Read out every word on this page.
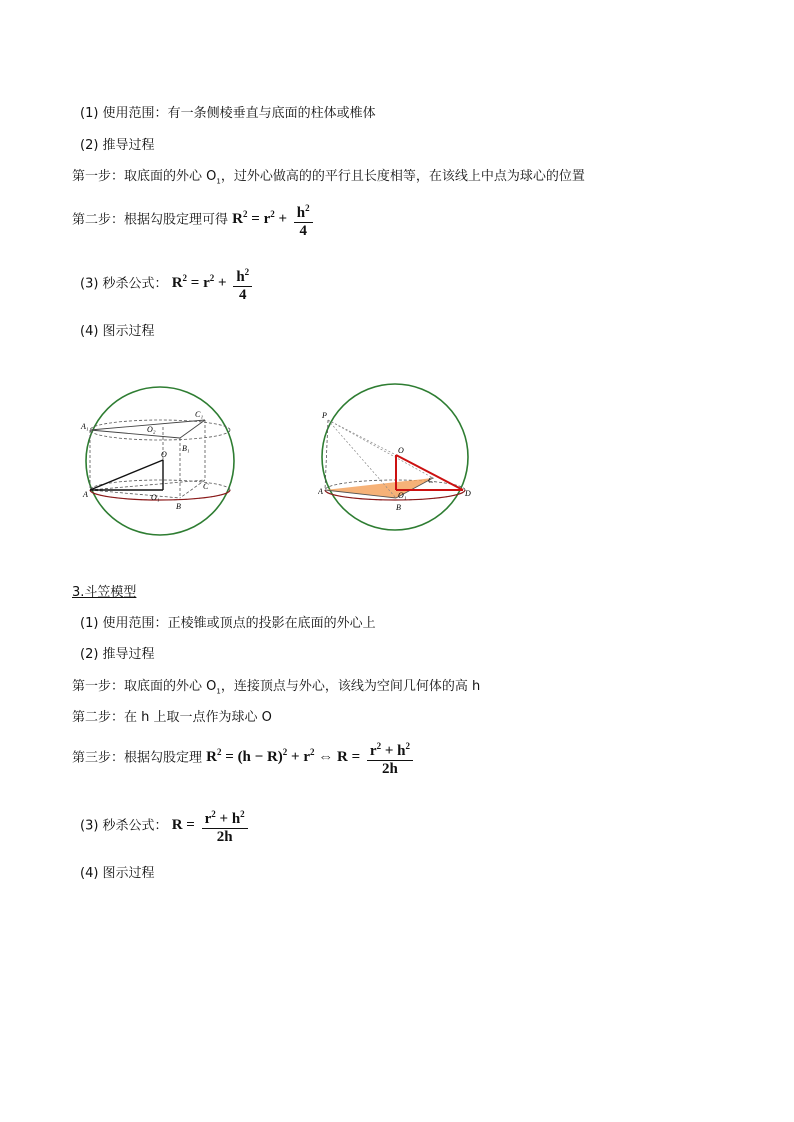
(1) 使用范围：有一条侧棱垂直与底面的柱体或椎体
(2) 推导过程
第一步：取底面的外心 $O_1$，过外心做高的的平行且长度相等，在该线上中点为球心的位置
第二步：根据勾股定理可得 $R^2 = r^2 + \frac{h^2}{4}$
(3) 秒杀公式： $R^2 = r^2 + \frac{h^2}{4}$
(4) 图示过程
A₁	O₂
C₁
B₁
O
A	O₁
C
B
P
O
A	O₁
C
D
B
3.斗笠模型
(1) 使用范围：正棱锥或顶点的投影在底面的外心上
(2) 推导过程
第一步：取底面的外心 $O_1$，连接顶点与外心，该线为空间几何体的高 h
第二步：在 h 上取一点作为球心 O
第三步：根据勾股定理 $R^2 = (h - R)^2 + r^2$ ⇔ $R = \frac{r^2 + h^2}{2h}$
(3) 秒杀公式： $R = \frac{r^2 + h^2}{2h}$
(4) 图示过程
